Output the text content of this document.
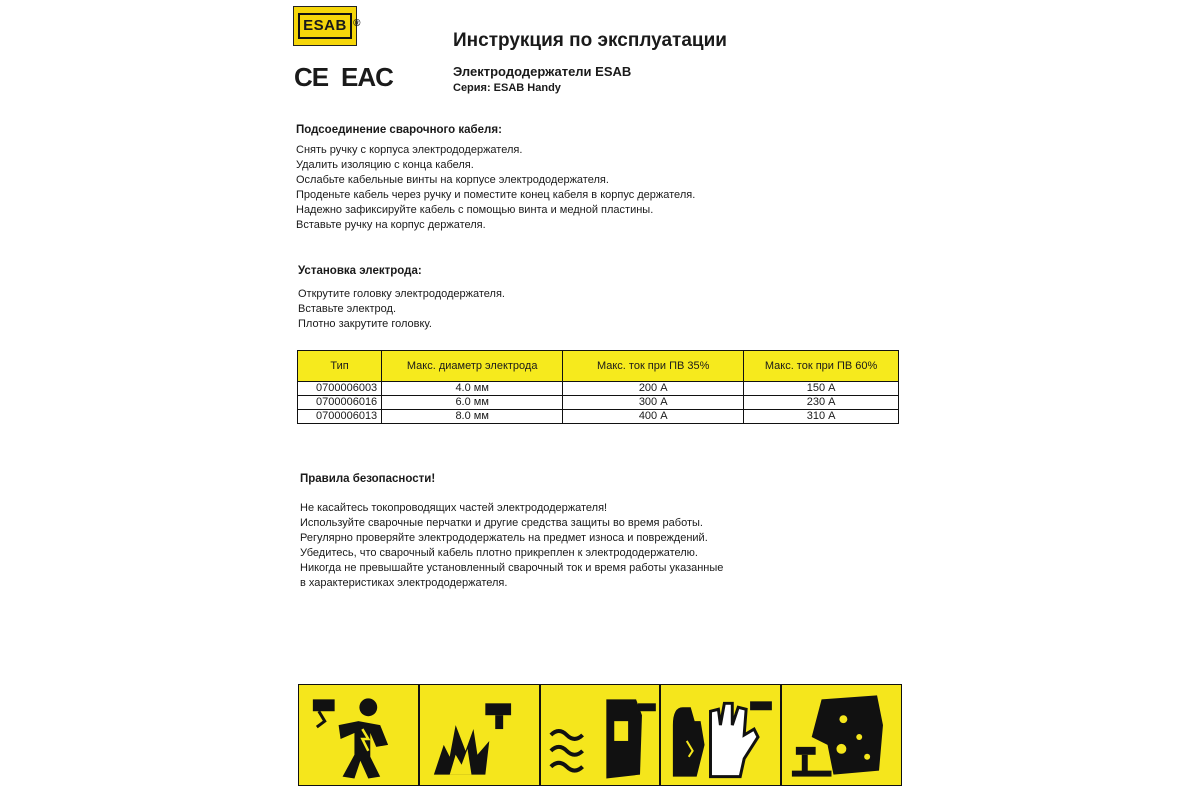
ESAB ®
CE EAC
Инструкция по эксплуатации
Электрододержатели ESAB
Серия: ESAB Handy
Подсоединение сварочного кабеля:
Снять ручку с корпуса электрододержателя.
Удалить изоляцию с конца кабеля.
Ослабьте кабельные винты на корпусе электрододержателя.
Проденьте кабель через ручку и поместите конец кабеля в корпус держателя.
Надежно зафиксируйте кабель с помощью винта и медной пластины.
Вставьте ручку на корпус держателя.
Установка электрода:
Открутите головку электрододержателя.
Вставьте электрод.
Плотно закрутите головку.
Тип	Макс. диаметр электрода	Макс. ток при ПВ 35%	Макс. ток при ПВ 60%
0700006003	4.0 мм	200 А	150 А
0700006016	6.0 мм	300 А	230 А
0700006013	8.0 мм	400 А	310 А
Правила безопасности!
Не касайтесь токопроводящих частей электрододержателя!
Используйте сварочные перчатки и другие средства защиты во время работы.
Регулярно проверяйте электрододержатель на предмет износа и повреждений.
Убедитесь, что сварочный кабель плотно прикреплен к электрододержателю.
Никогда не превышайте установленный сварочный ток и время работы указанные
в характеристиках электрододержателя.
